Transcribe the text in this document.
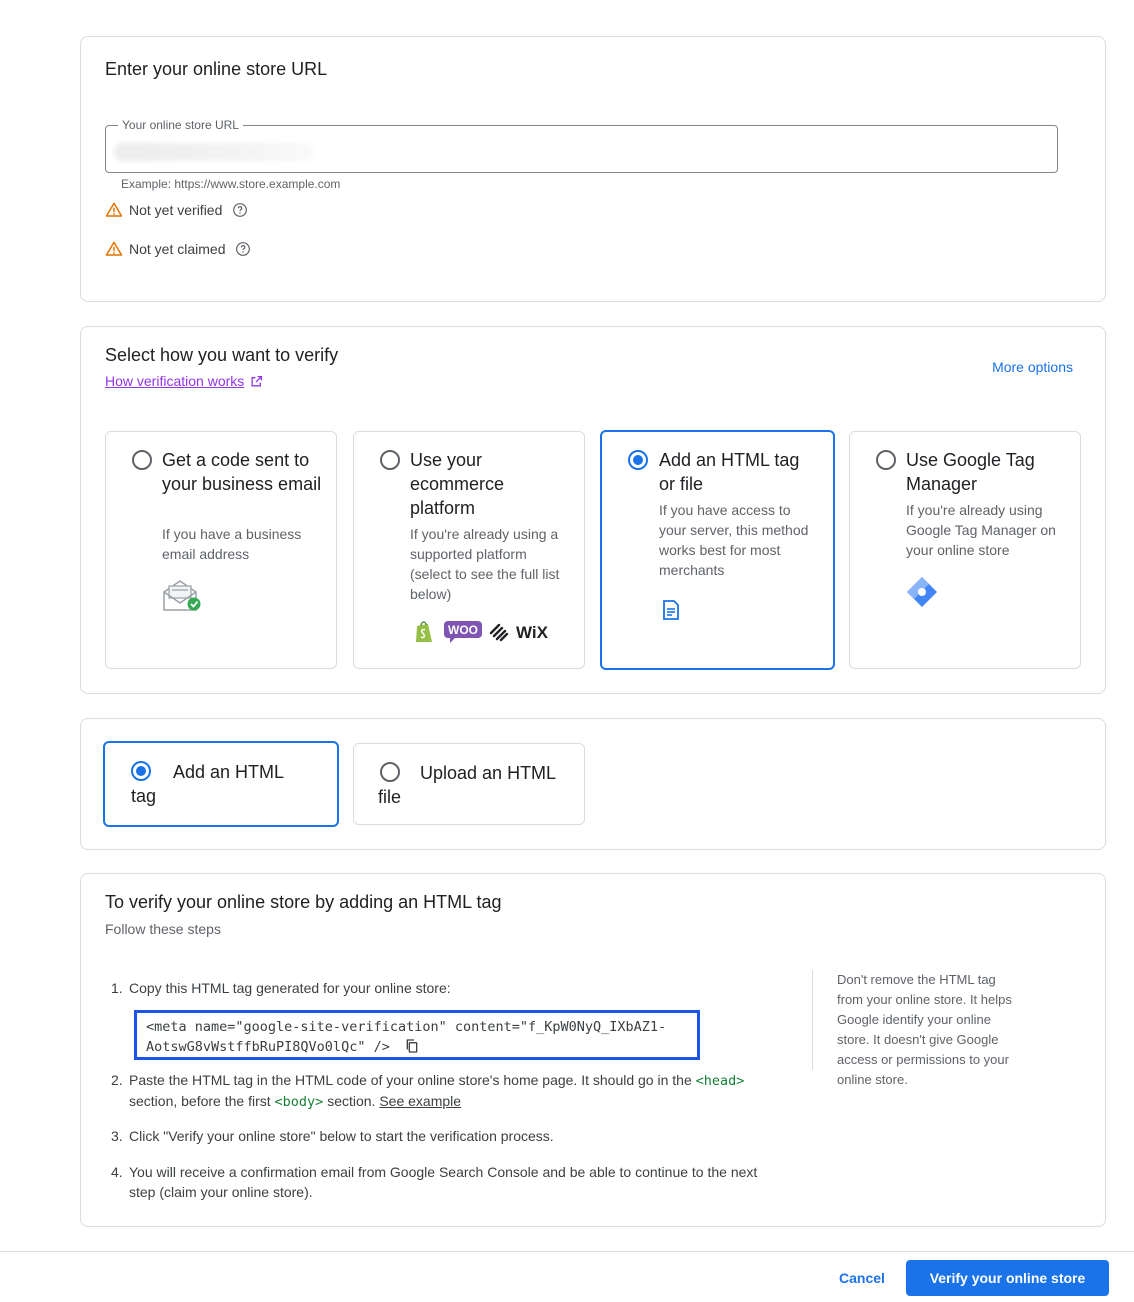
Enter your online store URL
Your online store URL
Example: https://www.store.example.com
Not yet verified
Not yet claimed
Select how you want to verify
How verification works
More options
Get a code sent to your business email
If you have a business email address
Use your ecommerce platform
If you're already using a supported platform (select to see the full list below)
WOO WiX
Add an HTML tag or file
If you have access to your server, this method works best for most merchants
Use Google Tag Manager
If you're already using Google Tag Manager on your online store
Add an HTML tag
Upload an HTML file
To verify your online store by adding an HTML tag
Follow these steps
1. Copy this HTML tag generated for your online store:
<meta name="google-site-verification" content="f_KpW0NyQ_IXbAZ1-AotswG8vWstffbRuPI8QVo0lQc" />
2. Paste the HTML tag in the HTML code of your online store's home page. It should go in the <head>
section, before the first <body> section. See example
3. Click "Verify your online store" below to start the verification process.
4. You will receive a confirmation email from Google Search Console and be able to continue to the next step (claim your online store).
Don't remove the HTML tag from your online store. It helps Google identify your online store. It doesn't give Google access or permissions to your online store.
Cancel	Verify your online store
